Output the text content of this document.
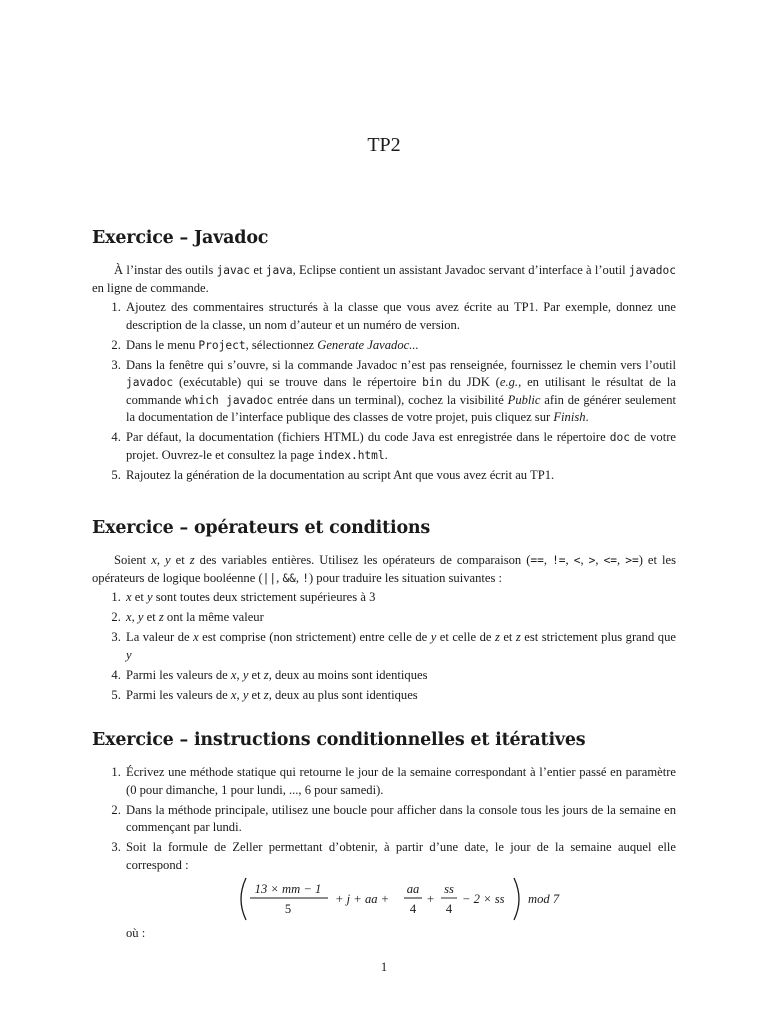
TP2
Exercice – Javadoc

À l’instar des outils javac et java, Eclipse contient un assistant Javadoc servant d’interface à l’outil javadoc en ligne de commande.

1. Ajoutez des commentaires structurés à la classe que vous avez écrite au TP1. Par exemple, donnez une description de la classe, un nom d’auteur et un numéro de version.
2. Dans le menu Project, sélectionnez Generate Javadoc...
3. Dans la fenêtre qui s’ouvre, si la commande Javadoc n’est pas renseignée, fournissez le chemin vers l’outil javadoc (exécutable) qui se trouve dans le répertoire bin du JDK (e.g., en utilisant le résultat de la commande which javadoc entrée dans un terminal), cochez la visibilité Public afin de générer seulement la documentation de l’interface publique des classes de votre projet, puis cliquez sur Finish.
4. Par défaut, la documentation (fichiers HTML) du code Java est enregistrée dans le répertoire doc de votre projet. Ouvrez-le et consultez la page index.html.
5. Rajoutez la génération de la documentation au script Ant que vous avez écrit au TP1.
Exercice – opérateurs et conditions

Soient x, y et z des variables entières. Utilisez les opérateurs de comparaison (==, !=, <, >, <=, >=) et les opérateurs de logique booléenne (||, &&, !) pour traduire les situation suivantes :

1. x et y sont toutes deux strictement supérieures à 3
2. x, y et z ont la même valeur
3. La valeur de x est comprise (non strictement) entre celle de y et celle de z et z est strictement plus grand que y
4. Parmi les valeurs de x, y et z, deux au moins sont identiques
5. Parmi les valeurs de x, y et z, deux au plus sont identiques
Exercice – instructions conditionnelles et itératives
1. Écrivez une méthode statique qui retourne le jour de la semaine correspondant à l’entier passé en paramètre (0 pour dimanche, 1 pour lundi, ..., 6 pour samedi).
2. Dans la méthode principale, utilisez une boucle pour afficher dans la console tous les jours de la semaine en commençant par lundi.
3. Soit la formule de Zeller permettant d’obtenir, à partir d’une date, le jour de la semaine auquel elle correspond :
13 × mm − 1
5
+ j + aa +
aa
4
+
ss
4
− 2 × ss mod 7
où :
1
